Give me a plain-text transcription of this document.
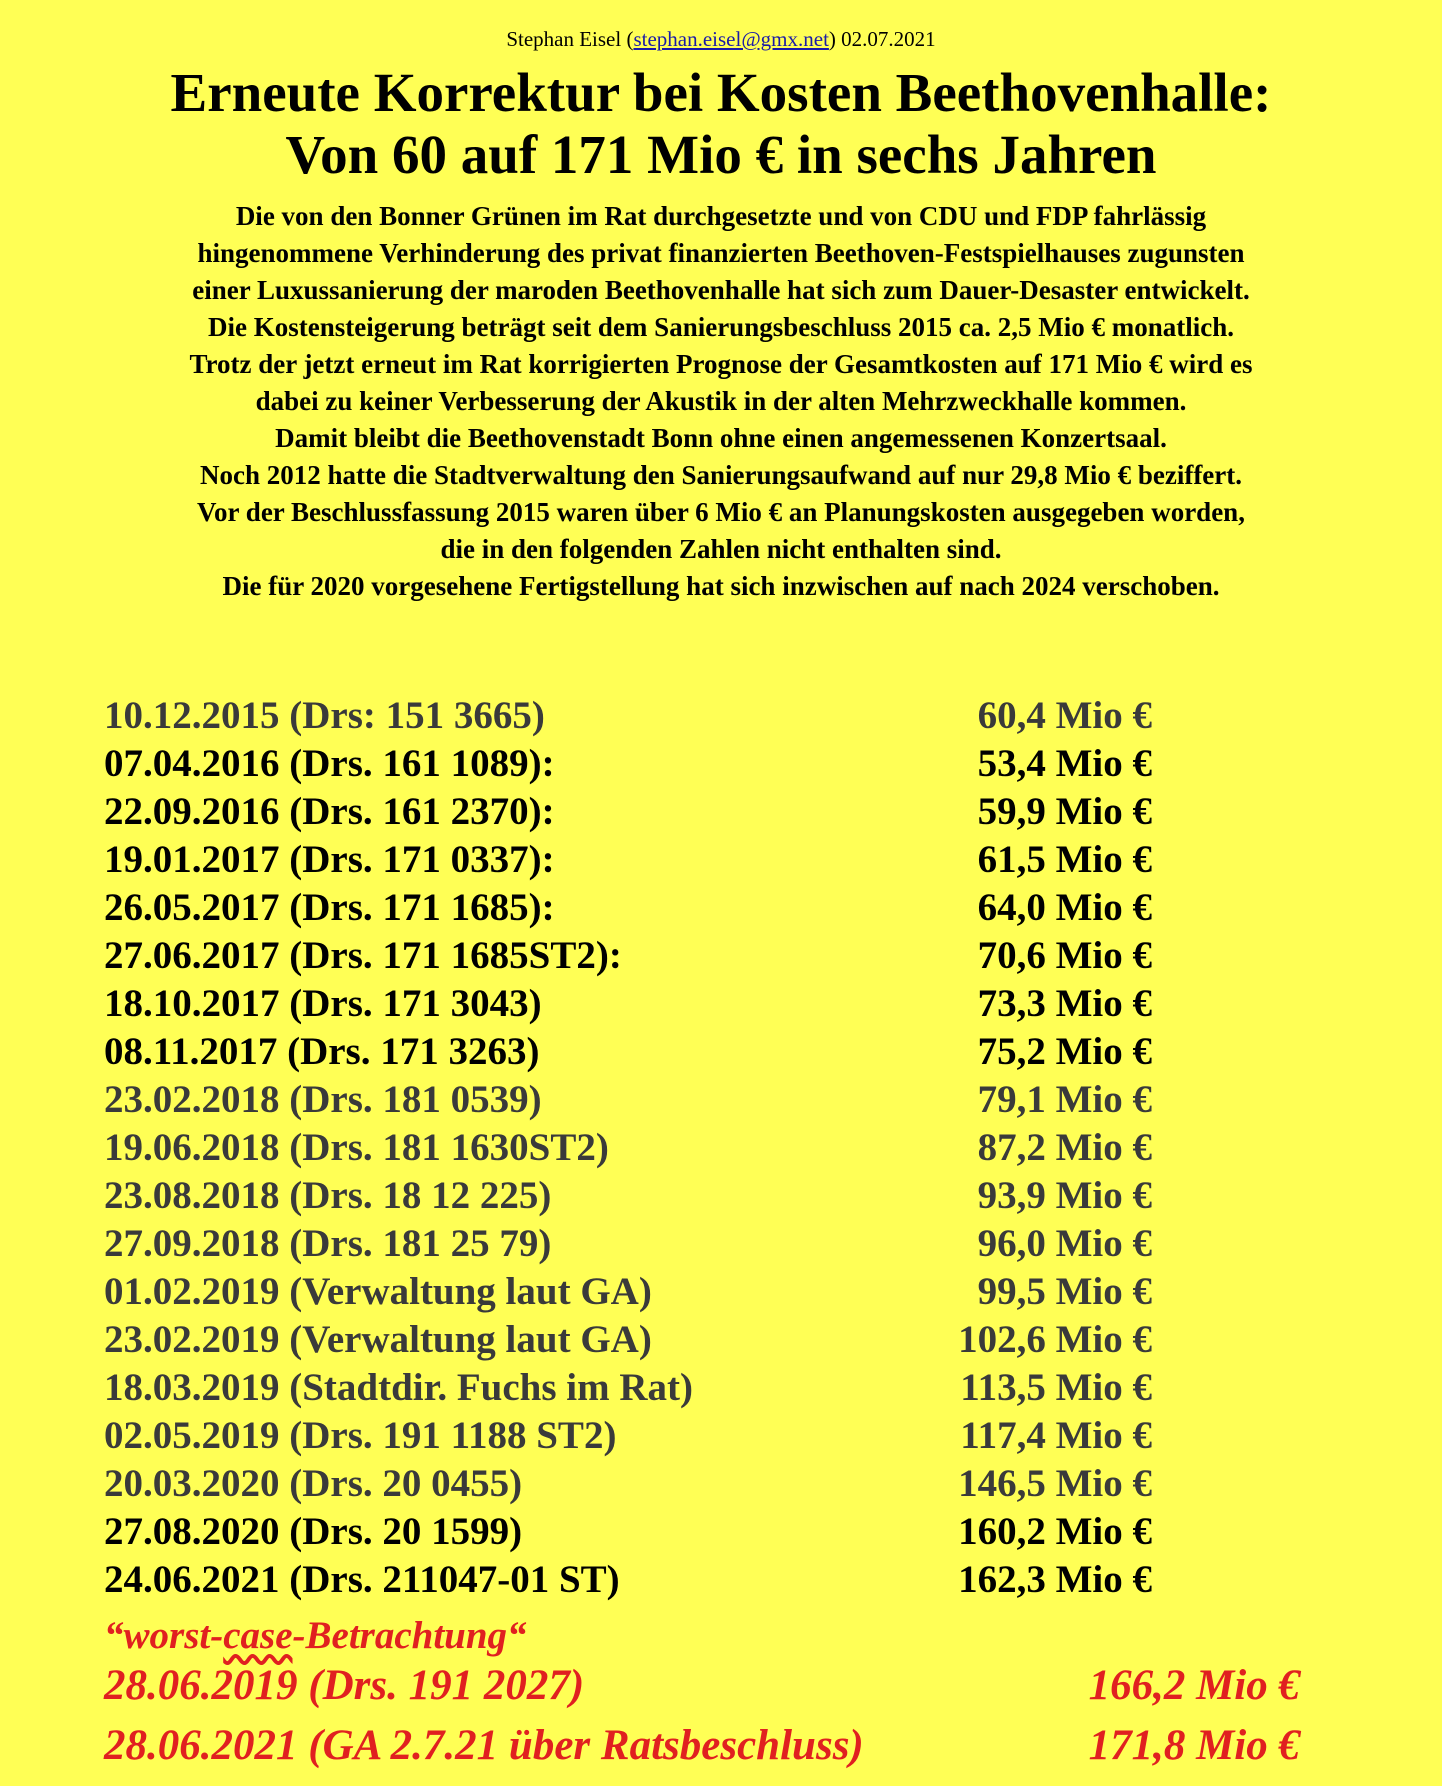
Stephan Eisel (stephan.eisel@gmx.net) 02.07.2021
Erneute Korrektur bei Kosten Beethovenhalle:
Von 60 auf 171 Mio € in sechs Jahren

Die von den Bonner Grünen im Rat durchgesetzte und von CDU und FDP fahrlässig
hingenommene Verhinderung des privat finanzierten Beethoven-Festspielhauses zugunsten
einer Luxussanierung der maroden Beethovenhalle hat sich zum Dauer-Desaster entwickelt.
Die Kostensteigerung beträgt seit dem Sanierungsbeschluss 2015 ca. 2,5 Mio € monatlich.
Trotz der jetzt erneut im Rat korrigierten Prognose der Gesamtkosten auf 171 Mio € wird es
dabei zu keiner Verbesserung der Akustik in der alten Mehrzweckhalle kommen.
Damit bleibt die Beethovenstadt Bonn ohne einen angemessenen Konzertsaal.
Noch 2012 hatte die Stadtverwaltung den Sanierungsaufwand auf nur 29,8 Mio € beziffert.
Vor der Beschlussfassung 2015 waren über 6 Mio € an Planungskosten ausgegeben worden,
die in den folgenden Zahlen nicht enthalten sind.
Die für 2020 vorgesehene Fertigstellung hat sich inzwischen auf nach 2024 verschoben.

10.12.2015 (Drs: 151 3665)	60,4 Mio €
07.04.2016 (Drs. 161 1089):	53,4 Mio €
22.09.2016 (Drs. 161 2370):	59,9 Mio €
19.01.2017 (Drs. 171 0337):	61,5 Mio €
26.05.2017 (Drs. 171 1685):	64,0 Mio €
27.06.2017 (Drs. 171 1685ST2):	70,6 Mio €
18.10.2017 (Drs. 171 3043)	73,3 Mio €
08.11.2017 (Drs. 171 3263)	75,2 Mio €
23.02.2018 (Drs. 181 0539)	79,1 Mio €
19.06.2018 (Drs. 181 1630ST2)	87,2 Mio €
23.08.2018 (Drs. 18 12 225)	93,9 Mio €
27.09.2018 (Drs. 181 25 79)	96,0 Mio €
01.02.2019 (Verwaltung laut GA)	99,5 Mio €
23.02.2019 (Verwaltung laut GA)	102,6 Mio €
18.03.2019 (Stadtdir. Fuchs im Rat)	113,5 Mio €
02.05.2019 (Drs. 191 1188 ST2)	117,4 Mio €
20.03.2020 (Drs. 20 0455)	146,5 Mio €
27.08.2020 (Drs. 20 1599)	160,2 Mio €
24.06.2021 (Drs. 211047-01 ST)	162,3 Mio €
“worst-case-Betrachtung“
28.06.2019 (Drs. 191 2027)	166,2 Mio €
28.06.2021 (GA 2.7.21 über Ratsbeschluss)	171,8 Mio €
